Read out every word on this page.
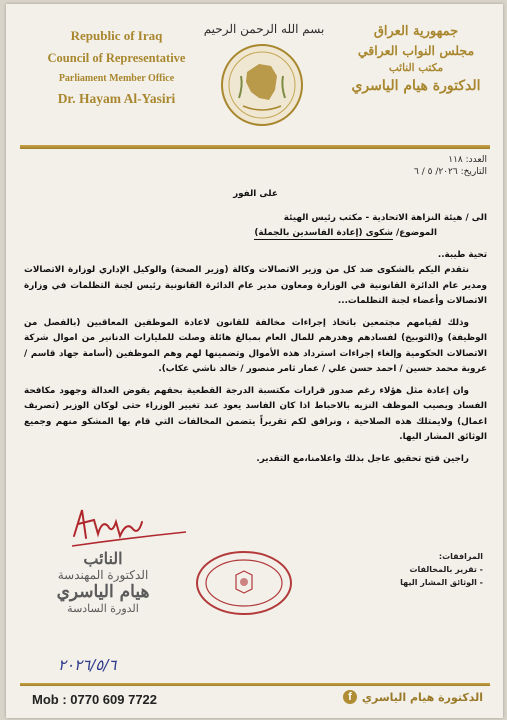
Republic of Iraq
Council of Representative
Parliament Member Office
Dr. Hayam Al-Yasiri
بسم الله الرحمن الرحيم	جمهورية العراق
مجلس النواب العراقي
مكتب النائب
الدكتورة هيام الياسري
العدد: ١١٨
التاريخ: ٢٠٢٦/ ٥ / ٦

على الفور

الى / هيئة النزاهة الاتحادية - مكتب رئيس الهيئة

الموضوع/ شكوى (إعادة الفاسدين بالجملة)

تحية طيبة..

نتقدم اليكم بالشكوى ضد كل من وزير الاتصالات وكالة (وزير الصحة) والوكيل الإداري لوزارة الاتصالات ومدير عام الدائرة القانونية في الوزارة ومعاون مدير عام الدائرة القانونية رئيس لجنة التظلمات في وزارة الاتصالات وأعضاء لجنة التظلمات...

وذلك لقيامهم مجتمعين باتخاذ إجراءات مخالفة للقانون لاعادة الموظفين المعاقبين (بالفصل من الوظيفة) و(التوبيخ) لفسادهم وهدرهم للمال العام بمبالغ هائلة وصلت للمليارات الدنانير من اموال شركة الاتصالات الحكومية وإلغاء إجراءات استرداد هذه الأموال وتضمينها لهم وهم الموظفين (أسامة جهاد قاسم / عروبة محمد حسين / احمد حسن علي / عمار ثامر منصور / خالد ناشي عكاب).

وان إعادة مثل هؤلاء رغم صدور قرارات مكتسبة الدرجة القطعية بحقهم يقوض العدالة وجهود مكافحة الفساد ويصيب الموظف النزيه بالاحباط اذا كان الفاسد يعود عند تغيير الوزراء حتى لوكان الوزير (تصريف اعمال) ولايمتلك هذه الصلاحية ، ونرافق لكم تقريراً يتضمن المخالفات التي قام بها المشكو منهم وجميع الوثائق المشار اليها.

راجين فتح تحقيق عاجل بذلك واعلامنا،مع التقدير.

المرافقات:
- تقرير بالمخالفات
- الوثائق المشار اليها
النائب
الدكتورة المهندسة
هيام الياسري
الدورة السادسة
٢٠٢٦/٥/٦
Mob : 0770 609 7722	الدكتورة هيام الياسري
f
